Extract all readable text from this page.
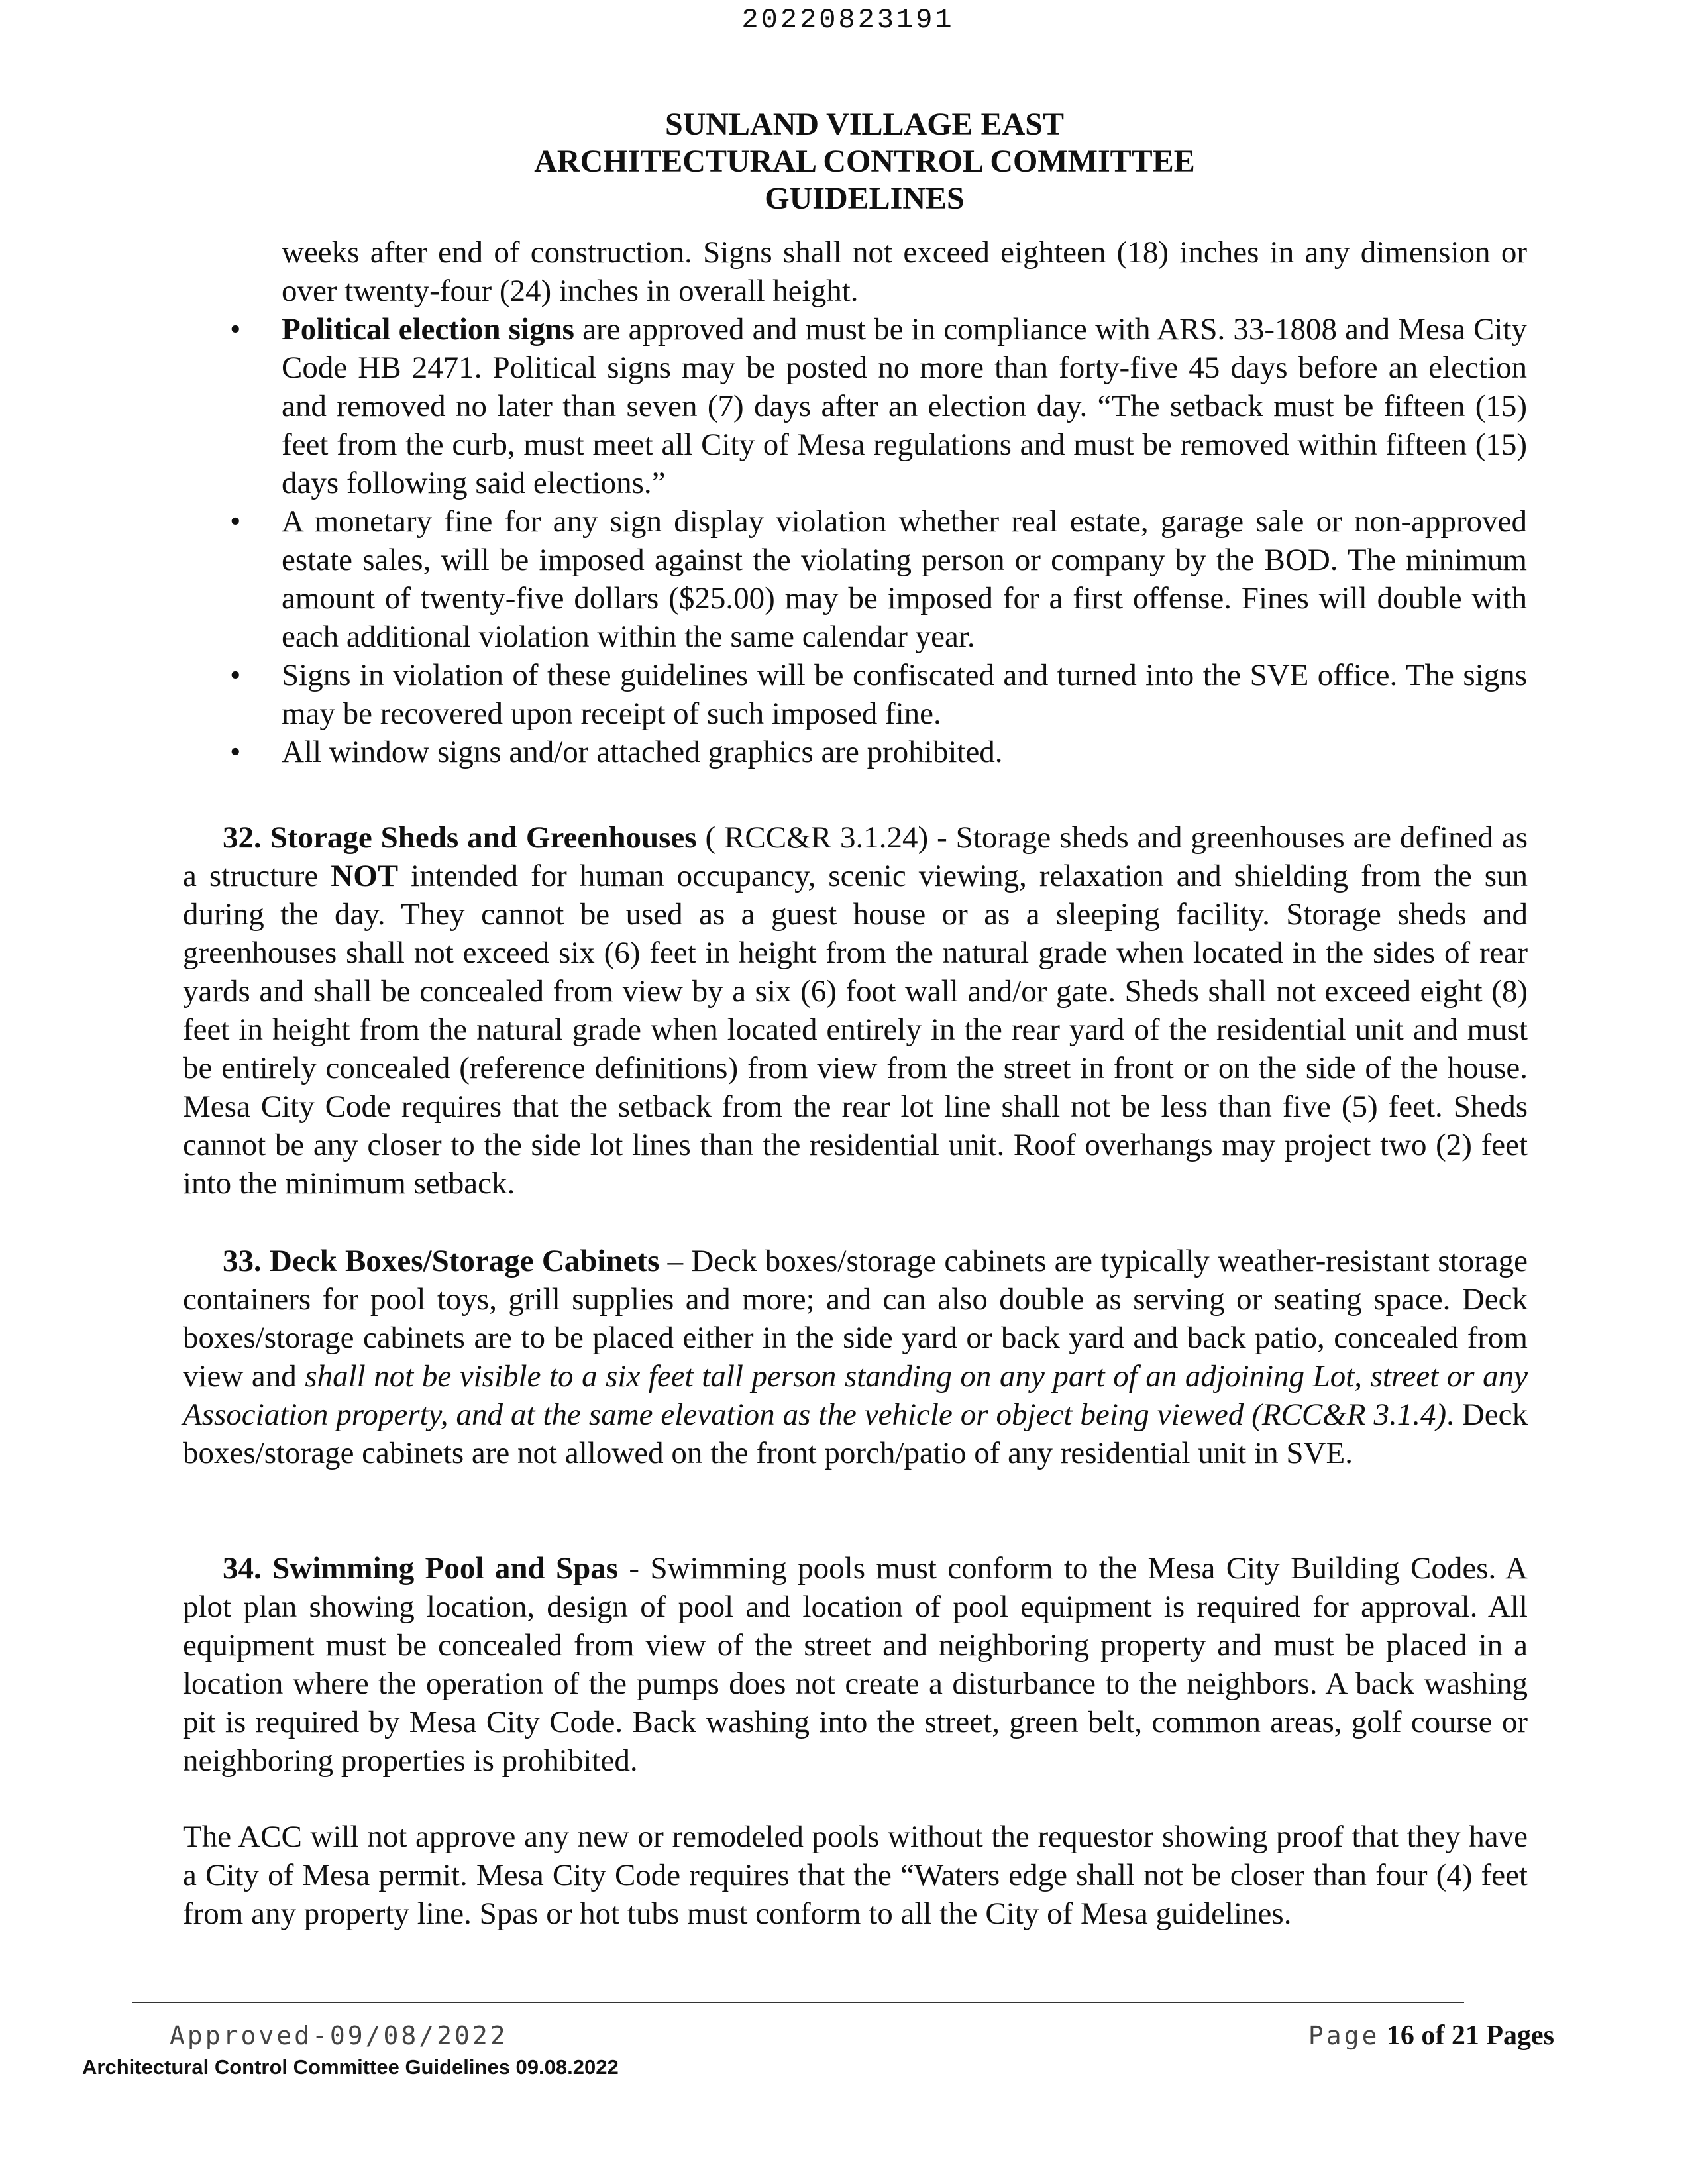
20220823191
SUNLAND VILLAGE EAST
ARCHITECTURAL CONTROL COMMITTEE
GUIDELINES

weeks after end of construction. Signs shall not exceed eighteen (18) inches in any dimension or over twenty-four (24) inches in overall height.

• Political election signs are approved and must be in compliance with ARS. 33-1808 and Mesa City Code HB 2471. Political signs may be posted no more than forty-five 45 days before an election and removed no later than seven (7) days after an election day. “The setback must be fifteen (15) feet from the curb, must meet all City of Mesa regulations and must be removed within fifteen (15) days following said elections.”
• A monetary fine for any sign display violation whether real estate, garage sale or non-approved estate sales, will be imposed against the violating person or company by the BOD. The minimum amount of twenty-five dollars ($25.00) may be imposed for a first offense. Fines will double with each additional violation within the same calendar year.
• Signs in violation of these guidelines will be confiscated and turned into the SVE office. The signs may be recovered upon receipt of such imposed fine.
• All window signs and/or attached graphics are prohibited.

32. Storage Sheds and Greenhouses ( RCC&R 3.1.24) - Storage sheds and greenhouses are defined as a structure NOT intended for human occupancy, scenic viewing, relaxation and shielding from the sun during the day. They cannot be used as a guest house or as a sleeping facility. Storage sheds and greenhouses shall not exceed six (6) feet in height from the natural grade when located in the sides of rear yards and shall be concealed from view by a six (6) foot wall and/or gate. Sheds shall not exceed eight (8) feet in height from the natural grade when located entirely in the rear yard of the residential unit and must be entirely concealed (reference definitions) from view from the street in front or on the side of the house. Mesa City Code requires that the setback from the rear lot line shall not be less than five (5) feet. Sheds cannot be any closer to the side lot lines than the residential unit. Roof overhangs may project two (2) feet into the minimum setback.

33. Deck Boxes/Storage Cabinets – Deck boxes/storage cabinets are typically weather-resistant storage containers for pool toys, grill supplies and more; and can also double as serving or seating space. Deck boxes/storage cabinets are to be placed either in the side yard or back yard and back patio, concealed from view and shall not be visible to a six feet tall person standing on any part of an adjoining Lot, street or any Association property, and at the same elevation as the vehicle or object being viewed (RCC&R 3.1.4). Deck boxes/storage cabinets are not allowed on the front porch/patio of any residential unit in SVE.

34. Swimming Pool and Spas - Swimming pools must conform to the Mesa City Building Codes. A plot plan showing location, design of pool and location of pool equipment is required for approval. All equipment must be concealed from view of the street and neighboring property and must be placed in a location where the operation of the pumps does not create a disturbance to the neighbors. A back washing pit is required by Mesa City Code. Back washing into the street, green belt, common areas, golf course or neighboring properties is prohibited.

The ACC will not approve any new or remodeled pools without the requestor showing proof that they have a City of Mesa permit. Mesa City Code requires that the “Waters edge shall not be closer than four (4) feet from any property line. Spas or hot tubs must conform to all the City of Mesa guidelines.

Approved-09/08/2022	Page 16 of 21 Pages
Architectural Control Committee Guidelines 09.08.2022
